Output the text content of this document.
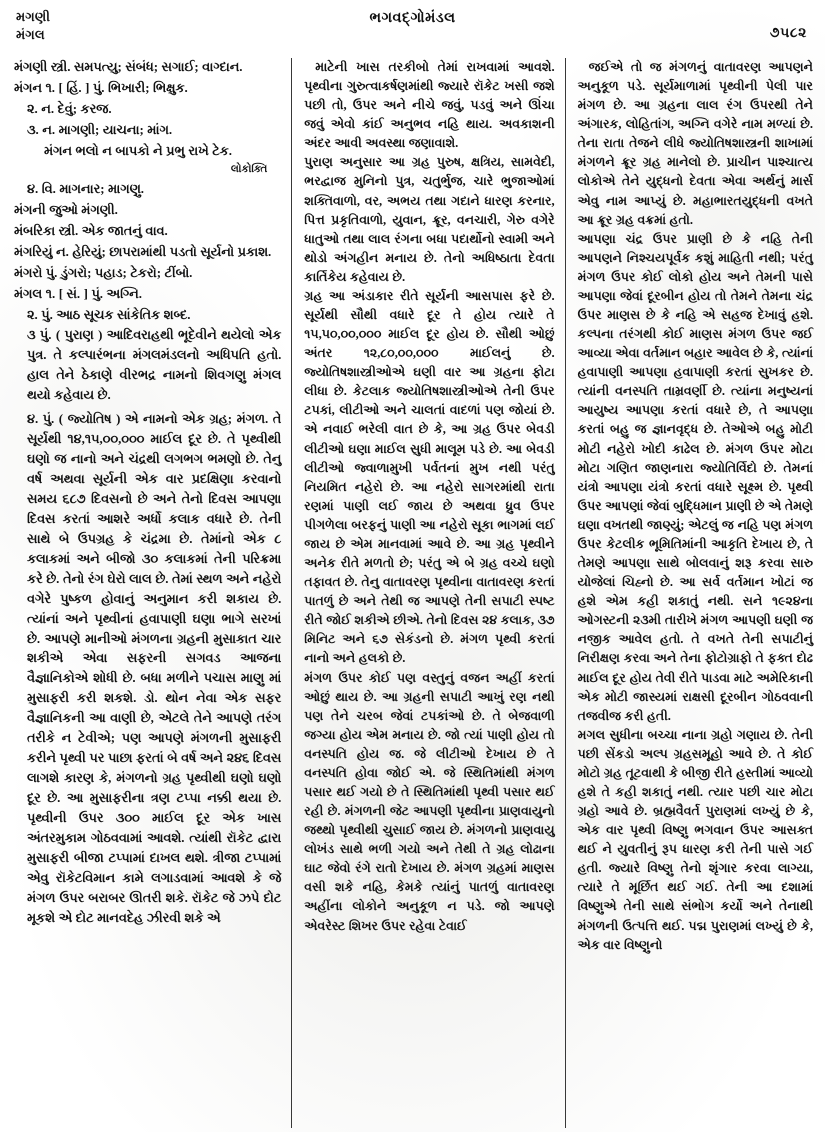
મગણી
મંગલ
ભગવદ્ગોમંડલ
૭૫૮૨

મંગણી સ્ત્રી. સમપત્યુ; સંબંધ; સગાઈ; વાગ્દાન.

મંગન ૧. [ હિં. ] પું. ભિખારી; ભિક્ષુક.

૨. ન. દેવું; કરજ.

૩. ન. માગણી; યાચના; માંગ.

મંગન ભલો ન બાપકો ને પ્રભુ રાખે ટેક.

લોકોક્તિ

૪. વિ. માગનાર; માગણુ.

મંગની જુઓ મંગણી.

મંબરિકા સ્ત્રી. એક જાતનું વાવ.

મંગરિયું ન. હેરિયું; છાપરામાંથી પડતો સૂર્યનો પ્રકાશ.

મંગરો પું. ડુંગરો; પહાડ; ટેકરો; ટીંબો.

મંગલ ૧. [ સં. ] પું. અગ્નિ.

૨. પું. આઠ સૂચક સાંકેતિક શબ્દ.

૩ પું. ( પુરાણ ) આદિવરાહથી ભૂદેવીને થયેલો એક પુત્ર. તે કલ્પારંભના મંગલમંડલનો અધિપતિ હતો. હાલ તેને ઠેકાણે વીરભદ્ર નામનો શિવગણુ મંગલ થયો કહેવાય છે.

૪. પું. ( જ્યોતિષ ) એ નામનો એક ગ્રહ; મંગળ. તે સૂર્યથી ૧૪,૧૫,૦૦,૦૦૦ માઈલ દૂર છે. તે પૃથ્વીથી ઘણો જ નાનો અને ચંદ્રથી લગભગ ભમણો છે. તેનુ વર્ષ અથવા સૂર્યની એક વાર પ્રદક્ષિણા કરવાનો સમય ૬૮૭ દિવસનો છે અને તેનો દિવસ આપણા દિવસ કરતાં આશરે અર્ધો કલાક વધારે છે. તેની સાથે બે ઉપગ્રહ કે ચંદ્રમા છે. તેમાંનો એક ૮ કલાકમાં અને બીજો ૩૦ કલાકમાં તેની પરિક્રમા કરે છે. તેનો રંગ ઘેરો લાલ છે. તેમાં સ્થળ અને નહેરો વગેરે પુષ્કળ હોવાનું અનુમાન કરી શકાય છે. ત્યાંનાં અને પૃથ્વીનાં હવાપાણી ઘણા ભાગે સરખાં છે. આપણે માનીઓ મંગળના ગ્રહની મુસાકાત ચાર શકીએ એવા સફરની સગવડ આજના વૈજ્ઞાનિકોએ શોધી છે. બધા મળીને પચાસ માણુ માં મુસાફરી કરી શકશે. ડો. થોન નેવા એક સફર વૈજ્ઞાનિકની આ વાણી છે, એટલે તેને આપણે તરંગ તરીકે ન ટેવીએ; પણ આપણે મંગળની મુસાફરી કરીને પૃથ્વી પર પાછા ફરતાં બે વર્ષ અને ૨૪૬ દિવસ લાગશે કારણ કે, મંગળનો ગ્રહ પૃથ્વીથી ઘણો ઘણો દૂર છે. આ મુસાફરીના ત્રણ ટપ્પા નક્કી થયા છે. પૃથ્વીની ઉપર ૩૦૦ માઈલ દૂર એક ખાસ અંતરમુકામ ગોઠવવામાં આવશે. ત્યાંથી રૉકેટ દ્વારા મુસાફરી બીજા ટપ્પામાં દાખલ થશે. ત્રીજા ટપ્પામાં એવુ રૉકેટવિમાન કામે લગાડવામાં આવશે કે જે મંગળ ઉપર બરાબર ઊતરી શકે. રૉકેટ જે ઝપે દોટ મૂકશે એ દોટ માનવદેહ ઝીરવી શકે એ

માટેની ખાસ તરકીબો તેમાં રાખવામાં આવશે. પૃથ્વીના ગુરુત્વાકર્ષણમાંથી જ્યારે રૉકેટ ખસી જશે પછી તો, ઉપર અને નીચે જવું, પડવું અને ઊંચા જવું એવો કાંઈ અનુભવ નહિ થાય. અવકાશની અંદર આવી અવસ્થા જણાવાશે.

પુરાણ અનુસાર આ ગ્રહ પુરુષ, ક્ષત્રિય, સામવેદી, ભરદ્વાજ મુનિનો પુત્ર, ચતુર્ભુજ, ચારે ભુજાઓમાં શક્તિવાળો, વર, અભય તથા ગદાને ધારણ કરનાર, પિત્ત પ્રકૃતિવાળો, યુવાન, ક્રૂર, વનચારી, ગેરુ વગેરે ધાતુઓ તથા લાલ રંગના બધા પદાર્થોનો સ્વામી અને થોડો અંગહીન મનાય છે. તેનો અધિષ્ઠાતા દેવતા કાર્તિકેય કહેવાય છે.

ગ્રહ આ અંડાકાર રીતે સૂર્યની આસપાસ ફરે છે. સૂર્યથી સૌથી વધારે દૂર તે હોય ત્યારે તે ૧૫,૫૦,૦૦,૦૦૦ માઈલ દૂર હોય છે. સૌથી ઓછું અંતર ૧૨,૮૦,૦૦,૦૦૦ માઈલનું છે. જ્યોતિષશાસ્ત્રીઓએ ઘણી વાર આ ગ્રહના ફોટા લીધા છે. કેટલાક જ્યોતિષશાસ્ત્રીઓએ તેની ઉપર ટપકાં, લીટીઓ અને ચાલતાં વાદળાં પણ જોયાં છે. એ નવાઈ ભરેલી વાત છે કે, આ ગ્રહ ઉપર બેવડી લીટીઓ ઘણા માઈલ સુધી માલૂમ પડે છે. આ બેવડી લીટીઓ જ્વાળામુખી પર્વતનાં મુખ નથી પરંતુ નિયમિત નહેરો છે. આ નહેરો સાગરમાંથી રાતા રણમાં પાણી લઈ જાય છે અથવા ધ્રુવ ઉપર પીગળેલા બરફનું પાણી આ નહેરો સૂકા ભાગમાં લઈ જાય છે એમ માનવામાં આવે છે. આ ગ્રહ પૃથ્વીને અનેક રીતે મળતો છે; પરંતુ એ બે ગ્રહ વચ્ચે ઘણો તફાવત છે. તેનુ વાતાવરણ પૃથ્વીના વાતાવરણ કરતાં પાતળું છે અને તેથી જ આપણે તેની સપાટી સ્પષ્ટ રીતે જોઈ શકીએ છીએ. તેનો દિવસ ૨૪ કલાક, ૩૭ મિનિટ અને ૬૭ સેકંડનો છે. મંગળ પૃથ્વી કરતાં નાનો અને હલકો છે.

મંગળ ઉપર કોઈ પણ વસ્તુનું વજન અહીં કરતાં ઓછું થાય છે. આ ગ્રહની સપાટી આખું રણ નથી પણ તેને ચરબ જેવાં ટપકાંઓ છે. તે બેજવાળી જગ્યા હોય એમ મનાય છે. જો ત્યાં પાણી હોય તો વનસ્પતિ હોય જ. જે લીટીઓ દેખાય છે તે વનસ્પતિ હોવા જોઈ એ. જે સ્થિતિમાંથી મંગળ પસાર થઈ ગયો છે તે સ્થિતિમાંથી પૃથ્વી પસાર થઈ રહી છે. મંગળની જેટ આપણી પૃથ્વીના પ્રાણવાયુનો જથ્થો પૃથ્વીથી ચુસાઈ જાય છે. મંગળનો પ્રાણવાયુ લોખંડ સાથે ભળી ગયો અને તેથી તે ગ્રહ લોઢાના ઘાટ જેવો રંગે રાતો દેખાય છે. મંગળ ગ્રહમાં માણસ વસી શકે નહિ, કેમકે ત્યાંનું પાતળું વાતાવરણ અહીંના લોકોને અનુકૂળ ન પડે. જો આપણે એવરેસ્ટ શિખર ઉપર રહેવા ટેવાઈ

જઈએ તો જ મંગળનું વાતાવરણ આપણને અનુકૂળ પડે. સૂર્યમાળામાં પૃથ્વીની પેલી પાર મંગળ છે. આ ગ્રહના લાલ રંગ ઉપરથી તેને અંગારક, લોહિતાંગ, અગ્નિ વગેરે નામ મળ્યાં છે. તેના રાતા તેજને લીધે જ્યોતિષશાસ્ત્રની શાખામાં મંગળને ક્રૂર ગ્રહ માનેલો છે. પ્રાચીન પાશ્ચાત્ય લોકોએ તેને યુદ્ધનો દેવતા એવા અર્થનું માર્સ એવુ નામ આપ્યું છે. મહાભારતયુદ્ધની વખતે આ ક્રૂર ગ્રહ વક્રમાં હતો.

આપણા ચંદ્ર ઉપર પ્રાણી છે કે નહિ તેની આપણને નિશ્ચયપૂર્વક કશું માહિતી નથી; પરંતુ મંગળ ઉપર કોઈ લોકો હોય અને તેમની પાસે આપણા જેવાં દૂરબીન હોય તો તેમને તેમના ચંદ્ર ઉપર માણસ છે કે નહિ એ સહજ દેખાવું હશે. કલ્પના તરંગથી કોઈ માણસ મંગળ ઉપર જઈ આવ્યા એવા વર્તમાન બહાર આવેલ છે કે, ત્યાંનાં હવાપાણી આપણા હવાપાણી કરતાં સુખકર છે. ત્યાંની વનસ્પતિ તામ્રવર્ણી છે. ત્યાંના મનુષ્યનાં આયુષ્ય આપણા કરતાં વધારે છે, તે આપણા કરતાં બહુ જ જ્ઞાનવૃદ્ધ છે. તેઓએ બહુ મોટી મોટી નહેરો ખોદી કાઢેલ છે. મંગળ ઉપર મોટા મોટા ગણિત જાણનારા જ્યોતિર્વિદો છે. તેમનાં યંત્રો આપણા યંત્રો કરતાં વધારે સૂક્ષ્મ છે. પૃથ્વી ઉપર આપણાં જેવાં બુદ્ધિમાન પ્રાણી છે એ તેમણે ઘણા વખતથી જાણ્યું; એટલું જ નહિ પણ મંગળ ઉપર કેટલીક ભૂમિતિમાંની આકૃતિ દેખાય છે, તે તેમણે આપણા સાથે બોલવાનું શરૂ કરવા સારુ યોજેલાં ચિહ્નો છે. આ સર્વ વર્તમાન ખોટાં જ હશે એમ કહી શકાતું નથી. સને ૧૯૨૪ના ઓગસ્ટની ૨૩મી તારીખે મંગળ આપણી ઘણી જ નજીક આવેલ હતો. તે વખતે તેની સપાટીનું નિરીક્ષણ કરવા અને તેના ફોટોગ્રાફો તે ફક્ત દોઢ માઈલ દૂર હોય તેવી રીતે પાડવા માટે અમેરિકાની એક મોટી જાસ્યમાં રાક્ષસી દૂરબીન ગોઠવવાની તજવીજ કરી હતી.

મગલ સુધીના બચ્ચા નાના ગ્રહો ગણાય છે. તેની પછી સેંકડો અલ્પ ગ્રહસમૂહો આવે છે. તે કોઈ મોટો ગ્રહ તૂટવાથી કે બીજી રીતે હસ્તીમાં આવ્યો હશે તે કહી શકાતું નથી. ત્યાર પછી ચાર મોટા ગ્રહો આવે છે. બ્રહ્મવૈવર્ત પુરાણમાં લખ્યું છે કે, એક વાર પૃથ્વી વિષ્ણુ ભગવાન ઉપર આસક્ત થઈ ને યુવતીનું રૂપ ધારણ કરી તેની પાસે ગઈ હતી. જ્યારે વિષ્ણુ તેનો શૃંગાર કરવા લાગ્યા, ત્યારે તે મૂર્છિત થઈ ગઈ. તેની આ દશામાં વિષ્ણુએ તેની સાથે સંભોગ કર્યો અને તેનાથી મંગળની ઉત્પત્તિ થઈ. પદ્મ પુરાણમાં લખ્યું છે કે, એક વાર વિષ્ણુનો
